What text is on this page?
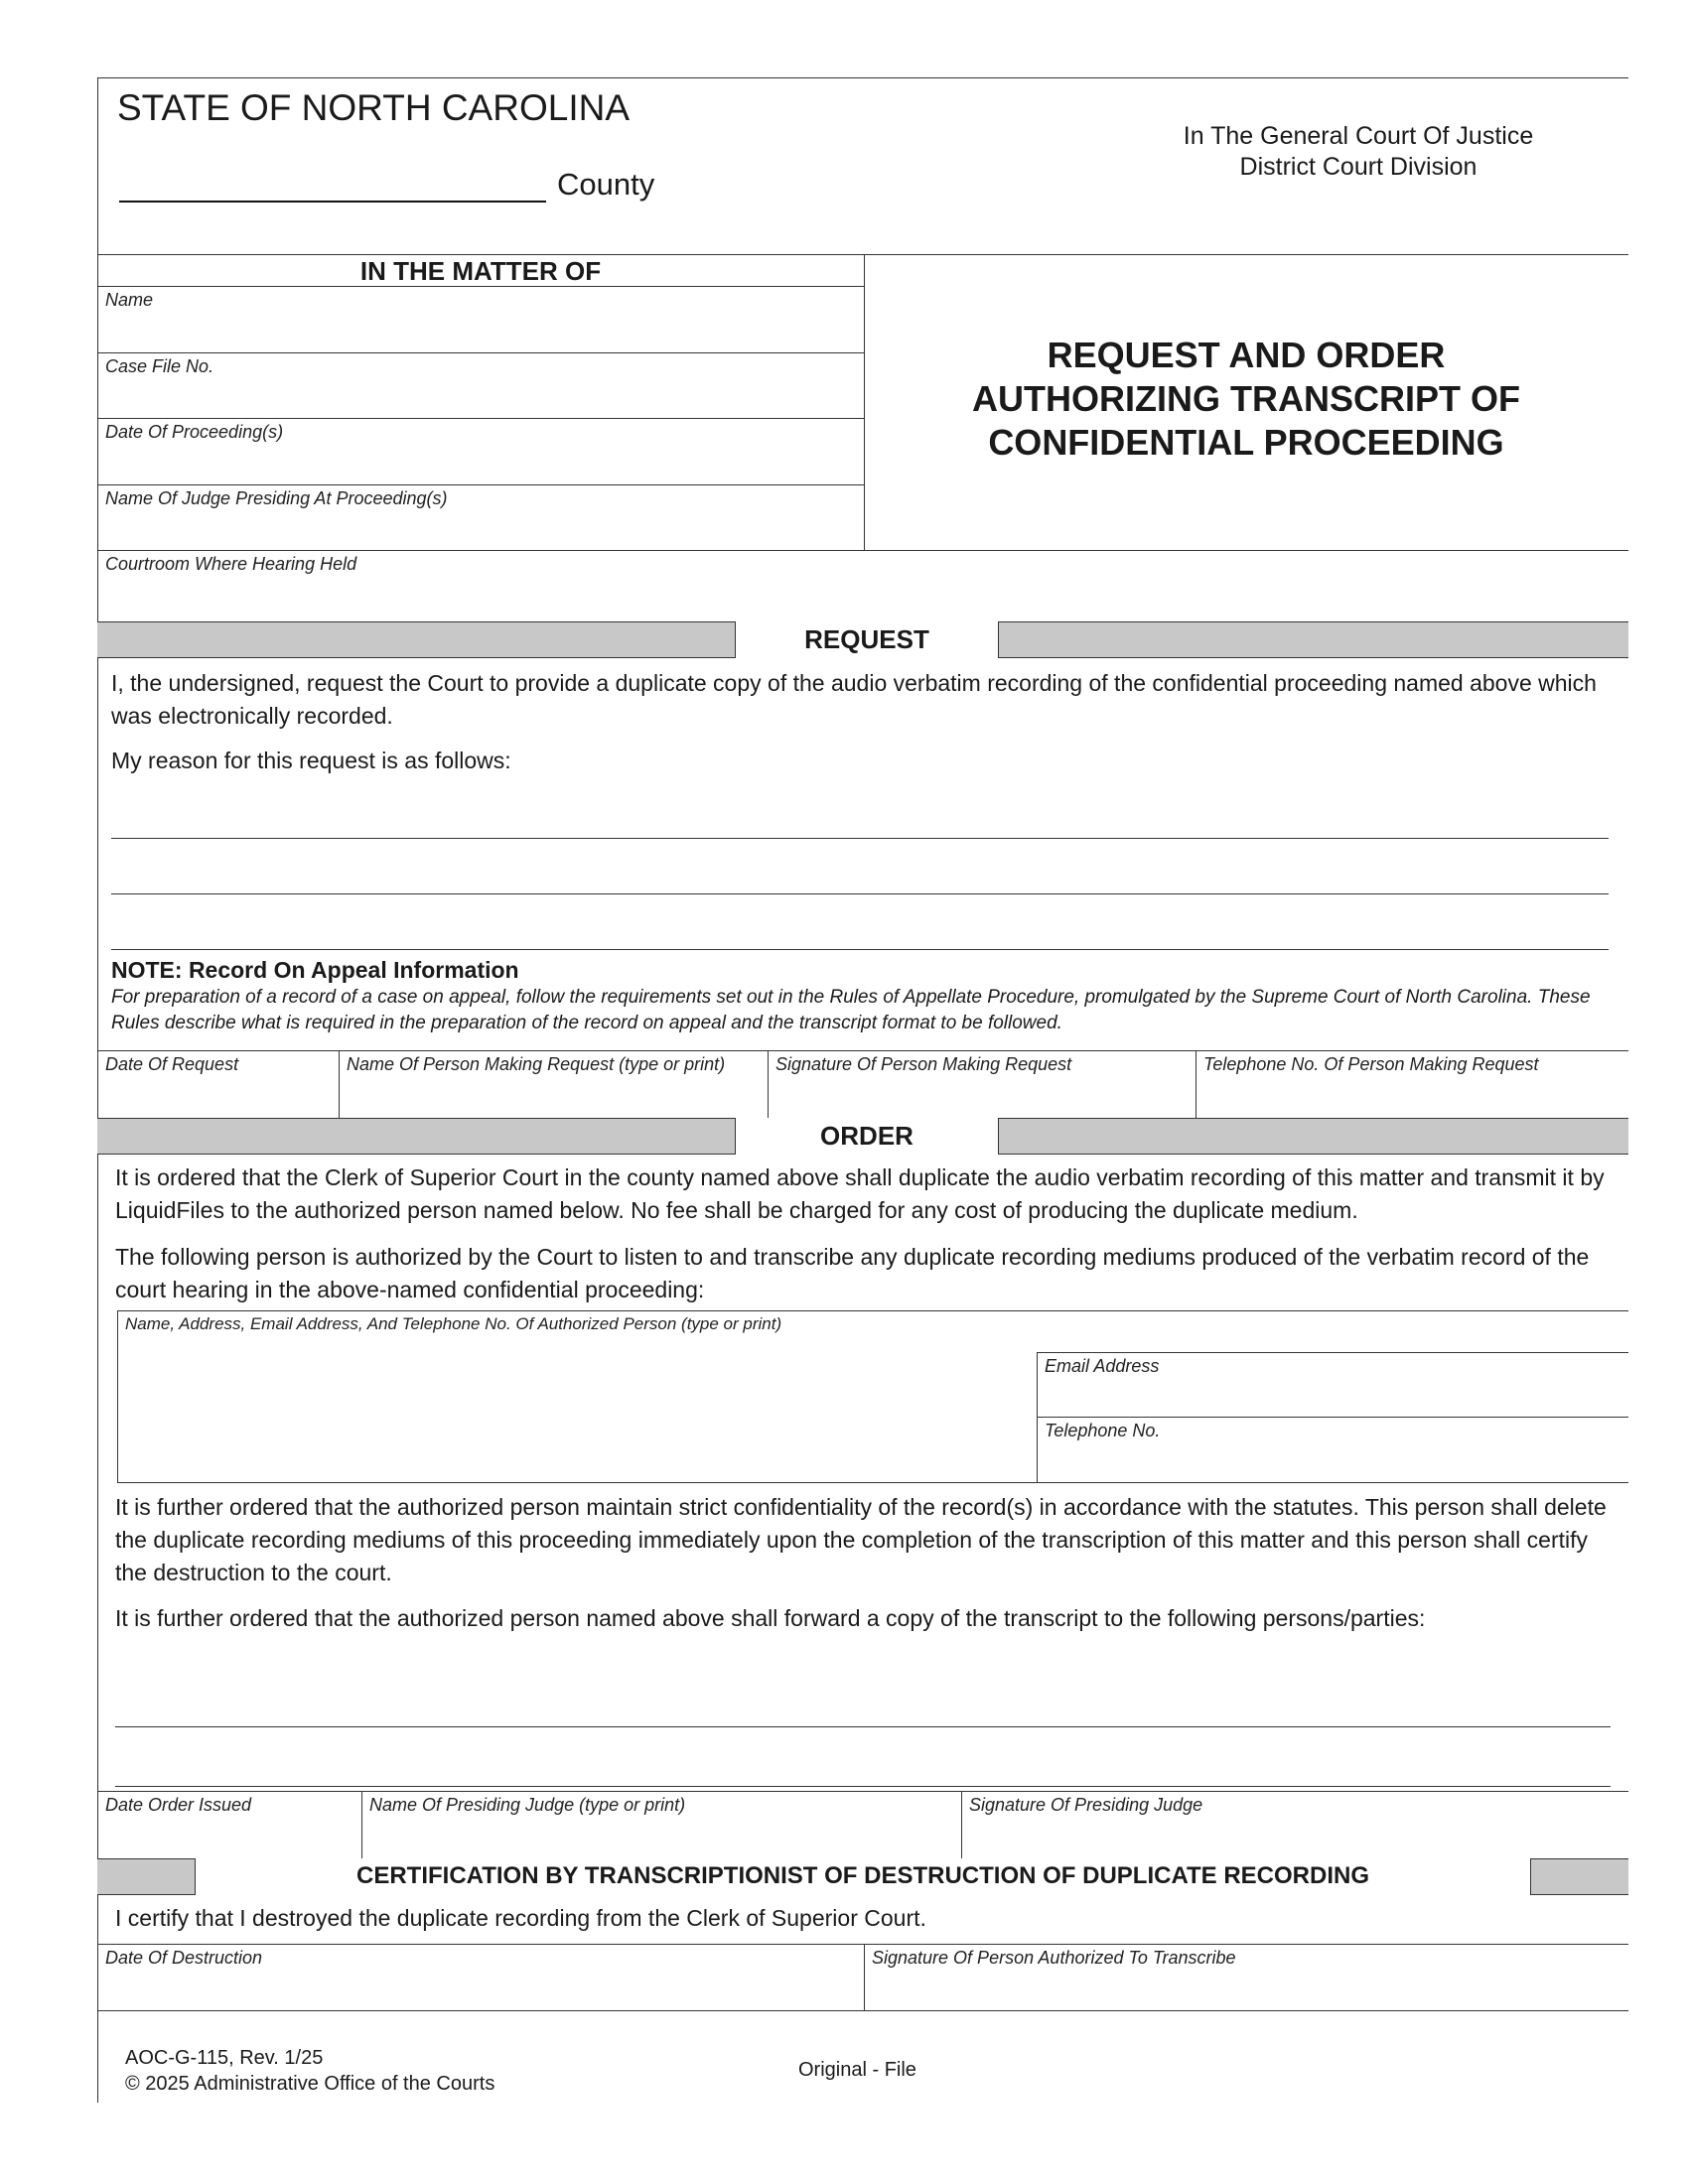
STATE OF NORTH CAROLINA
County
In The General Court Of Justice
District Court Division
IN THE MATTER OF
Name
Case File No.
Date Of Proceeding(s)
Name Of Judge Presiding At Proceeding(s)
REQUEST AND ORDER
AUTHORIZING TRANSCRIPT OF
CONFIDENTIAL PROCEEDING
Courtroom Where Hearing Held
REQUEST
I, the undersigned, request the Court to provide a duplicate copy of the audio verbatim recording of the confidential proceeding named above which was electronically recorded.
My reason for this request is as follows:
NOTE: Record On Appeal Information
For preparation of a record of a case on appeal, follow the requirements set out in the Rules of Appellate Procedure, promulgated by the Supreme Court of North Carolina. These Rules describe what is required in the preparation of the record on appeal and the transcript format to be followed.
Date Of Request	Name Of Person Making Request (type or print)	Signature Of Person Making Request	Telephone No. Of Person Making Request
ORDER
It is ordered that the Clerk of Superior Court in the county named above shall duplicate the audio verbatim recording of this matter and transmit it by LiquidFiles to the authorized person named below. No fee shall be charged for any cost of producing the duplicate medium.
The following person is authorized by the Court to listen to and transcribe any duplicate recording mediums produced of the verbatim record of the court hearing in the above-named confidential proceeding:
Name, Address, Email Address, And Telephone No. Of Authorized Person (type or print)
Email Address
Telephone No.
It is further ordered that the authorized person maintain strict confidentiality of the record(s) in accordance with the statutes. This person shall delete the duplicate recording mediums of this proceeding immediately upon the completion of the transcription of this matter and this person shall certify the destruction to the court.
It is further ordered that the authorized person named above shall forward a copy of the transcript to the following persons/parties:
Date Order Issued	Name Of Presiding Judge (type or print)	Signature Of Presiding Judge
CERTIFICATION BY TRANSCRIPTIONIST OF DESTRUCTION OF DUPLICATE RECORDING
I certify that I destroyed the duplicate recording from the Clerk of Superior Court.
Date Of Destruction	Signature Of Person Authorized To Transcribe
AOC-G-115, Rev. 1/25
© 2025 Administrative Office of the Courts
Original - File
